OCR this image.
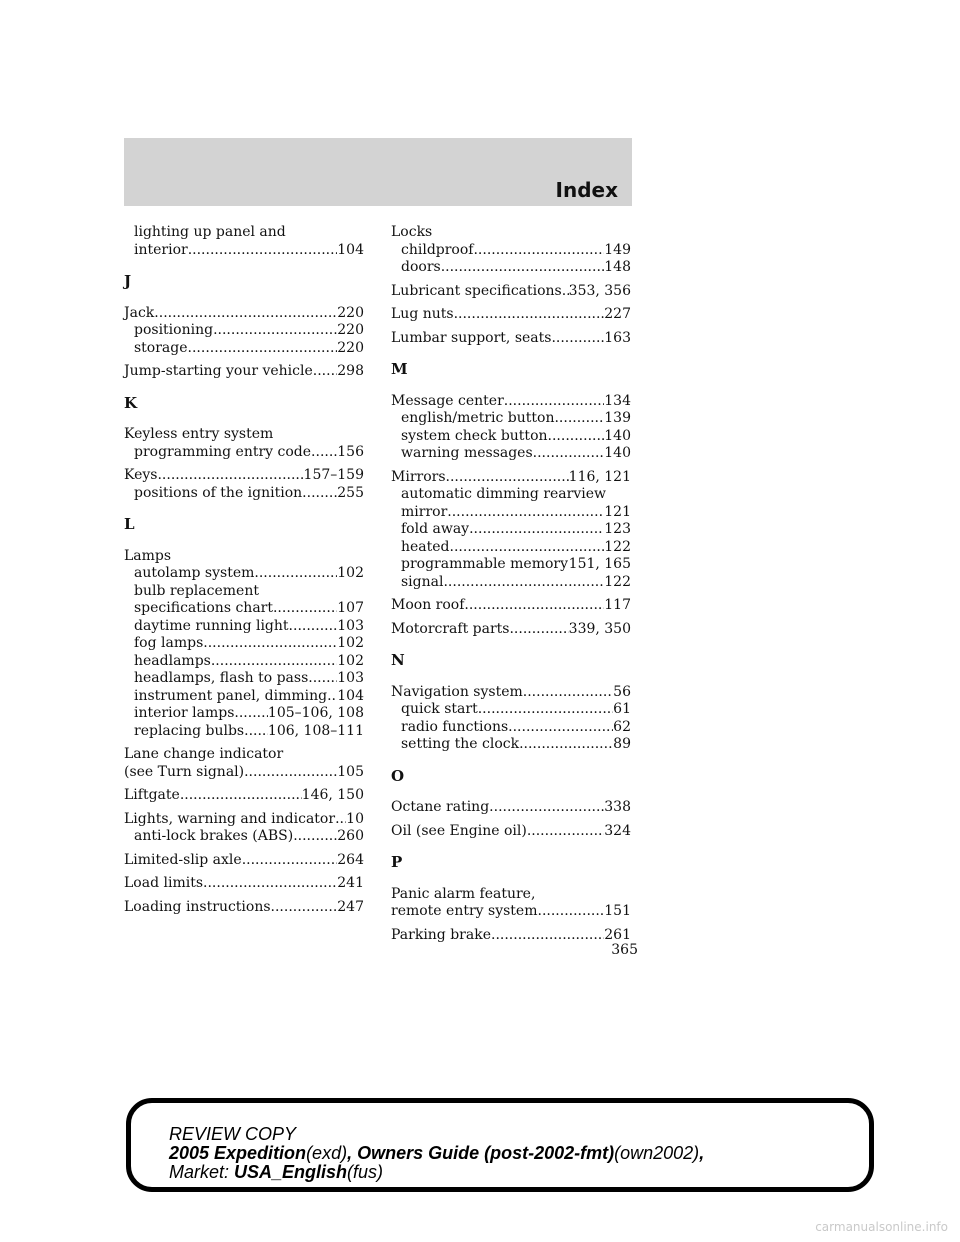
Index
lighting up panel and
interior .....	104
J
Jack .....	220
positioning .....	220
storage .....	220
Jump-starting your vehicle ..... 298
K
Keyless entry system
programming entry code ..... 156
Keys .....	157–159
positions of the ignition .....	255
L
Lamps
autolamp system .....	102
bulb replacement
specifications chart .....	107
daytime running light .....	103
fog lamps .....	102
headlamps .....	102
headlamps, flash to pass ..... 103
instrument panel, dimming ..... 104
interior lamps ..... 105–106, 108
replacing bulbs ..... 106, 108–111
Lane change indicator
(see Turn signal) .....	105
Liftgate .....	146, 150
Lights, warning and indicator ..... 10
anti-lock brakes (ABS) .....	260
Limited-slip axle .....	264
Load limits .....	241
Loading instructions .....	247
Locks
childproof .....	149
doors .....	148
Lubricant specifications ..... 353, 356
Lug nuts .....	227
Lumbar support, seats .....	163
M
Message center .....	134
english/metric button .....	139
system check button .....	140
warning messages .....	140
Mirrors .....	116, 121
automatic dimming rearview
mirror .....	121
fold away .....	123
heated .....	122
programmable memory ..... 151, 165
signal .....	122
Moon roof .....	117
Motorcraft parts .....	339, 350
N
Navigation system .....	56
quick start .....	61
radio functions .....	62
setting the clock .....	89
O
Octane rating .....	338
Oil (see Engine oil) .....	324
P
Panic alarm feature,
remote entry system .....	151
Parking brake .....	261
365
REVIEW COPY
2005 Expedition(exd), Owners Guide (post-2002-fmt)(own2002),
Market: USA_English(fus)
carmanualsonline.info
